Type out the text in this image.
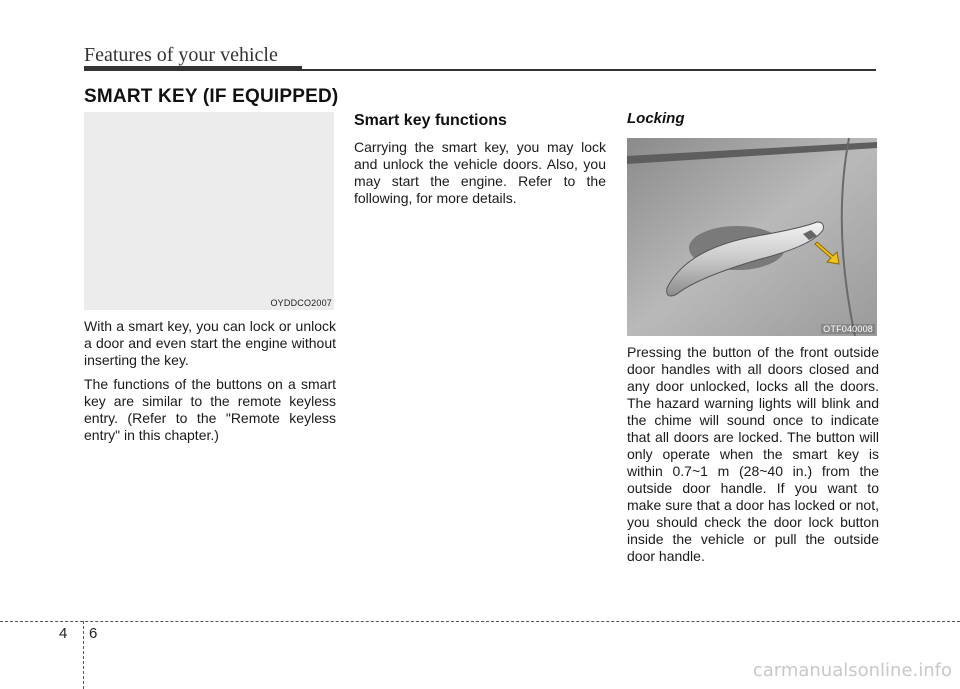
Features of your vehicle
SMART KEY (IF EQUIPPED)
OYDDCO2007

With a smart key, you can lock or unlock a door and even start the engine without inserting the key.

The functions of the buttons on a smart key are similar to the remote keyless entry. (Refer to the "Remote keyless entry" in this chapter.)

Smart key functions

Carrying the smart key, you may lock and unlock the vehicle doors. Also, you may start the engine. Refer to the following, for more details.

Locking
OTF040008

Pressing the button of the front outside door handles with all doors closed and any door unlocked, locks all the doors. The hazard warning lights will blink and the chime will sound once to indicate that all doors are locked. The button will only operate when the smart key is within 0.7~1 m (28~40 in.) from the outside door handle. If you want to make sure that a door has locked or not, you should check the door lock button inside the vehicle or pull the outside door handle.

4 6
carmanualsonline.info
